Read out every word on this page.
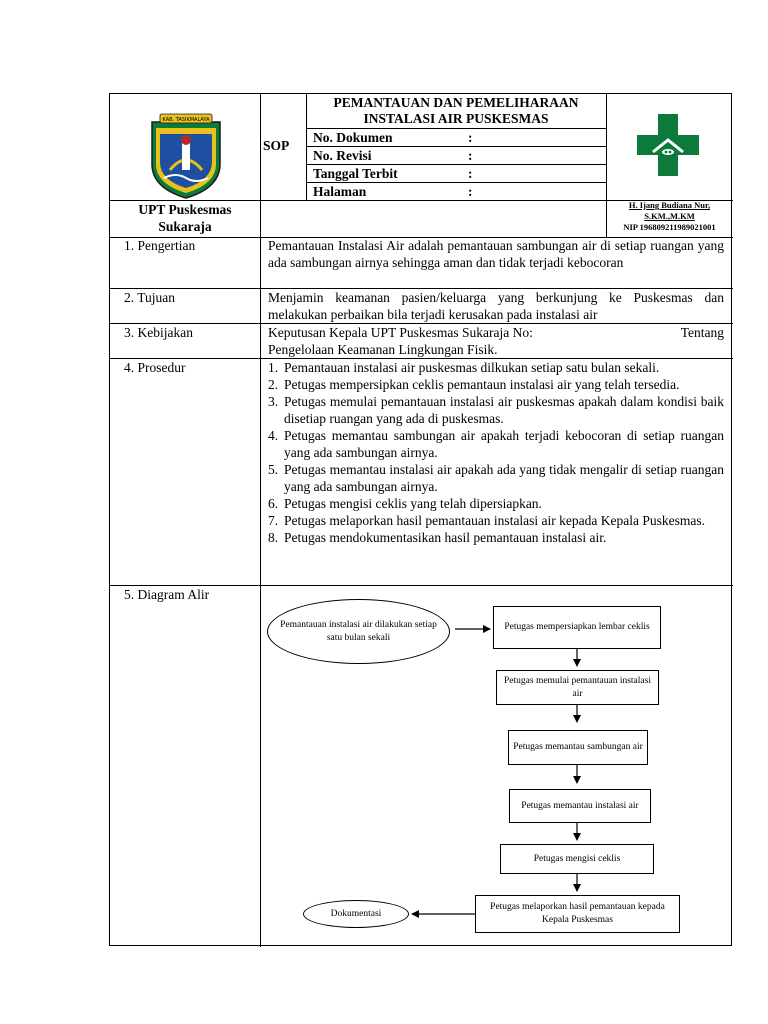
KAB. TASIKMALAYA
SOP
PEMANTAUAN DAN PEMELIHARAAN
INSTALASI AIR PUSKESMAS
No. Dokumen	:
No. Revisi	:
Tanggal Terbit	:
Halaman	:
UPT Puskesmas
Sukaraja
H. Ijang Budiana Nur,
S.KM.,M.KM
NIP 196809211989021001
1. Pengertian	Pemantauan Instalasi Air adalah pemantauan sambungan air di setiap ruangan yang ada sambungan airnya sehingga aman dan tidak terjadi kebocoran
2. Tujuan	Menjamin keamanan pasien/keluarga yang berkunjung ke Puskesmas dan melakukan perbaikan bila terjadi kerusakan pada instalasi air
3. Kebijakan	Keputusan Kepala UPT Puskesmas Sukaraja No:	Tentang
Pengelolaan Keamanan Lingkungan Fisik.
4. Prosedur	1. Pemantauan instalasi air puskesmas dilkukan setiap satu bulan sekali.
2. Petugas mempersipkan ceklis pemantaun instalasi air yang telah tersedia.
3. Petugas memulai pemantauan instalasi air puskesmas apakah dalam kondisi baik disetiap ruangan yang ada di puskesmas.
4. Petugas memantau sambungan air apakah terjadi kebocoran di setiap ruangan yang ada sambungan airnya.
5. Petugas memantau instalasi air apakah ada yang tidak mengalir di setiap ruangan yang ada sambungan airnya.
6. Petugas mengisi ceklis yang telah dipersiapkan.
7. Petugas melaporkan hasil pemantauan instalasi air kepada Kepala Puskesmas.
8. Petugas mendokumentasikan hasil pemantauan instalasi air.
5. Diagram Alir
Pemantauan instalasi air dilakukan setiap satu bulan sekali
Petugas mempersiapkan lembar ceklis
Petugas memulai pemantauan instalasi air
Petugas memantau sambungan air
Petugas memantau instalasi air
Petugas mengisi ceklis
Petugas melaporkan hasil pemantauan kepada Kepala Puskesmas
Dokumentasi
